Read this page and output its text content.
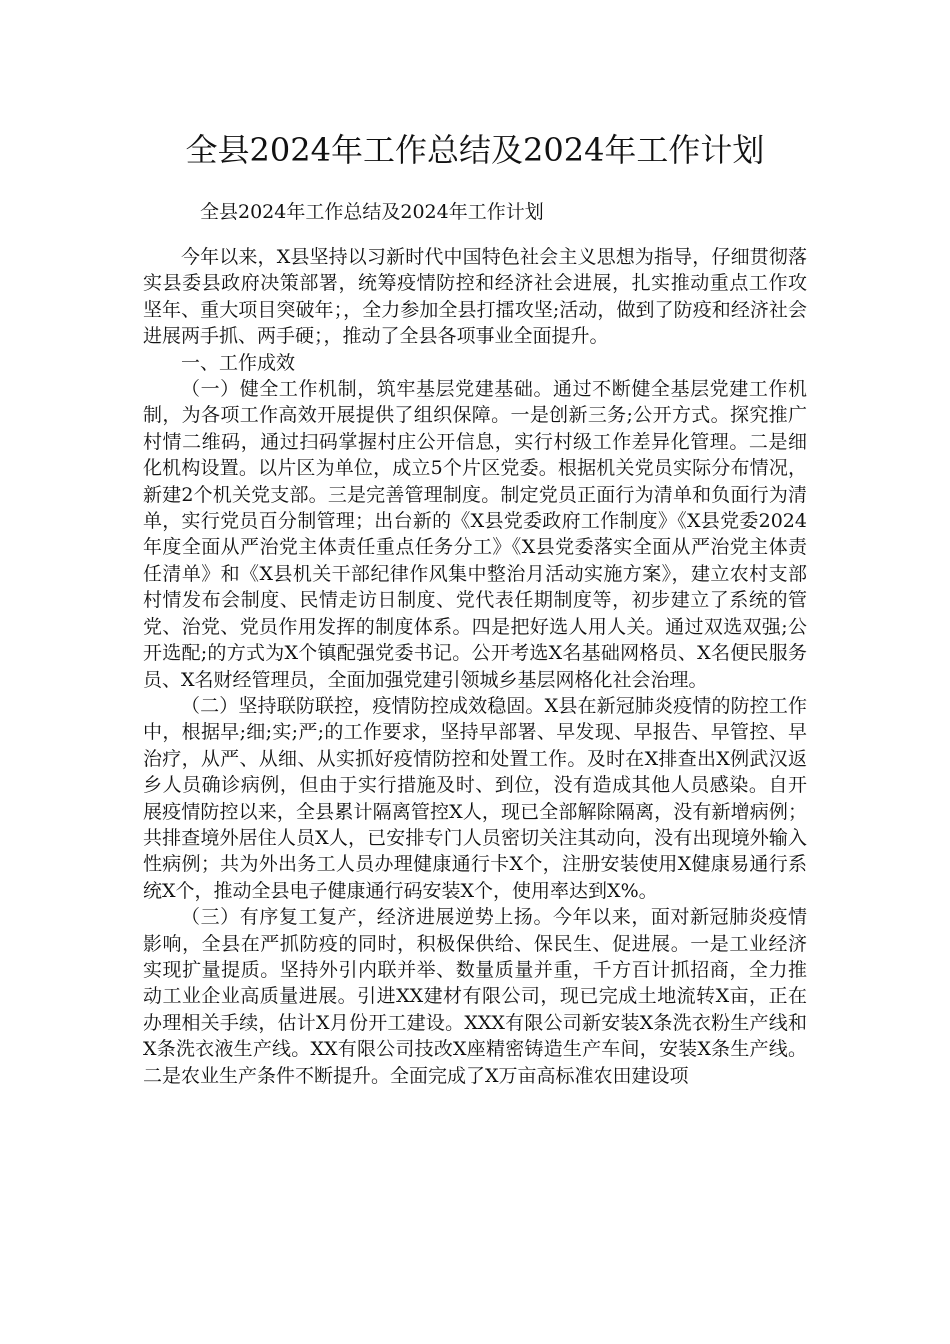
全县2024年工作总结及2024年工作计划

全县2024年工作总结及2024年工作计划

今年以来，X县坚持以习新时代中国特色社会主义思想为指导，仔细贯彻落实县委县政府决策部署，统筹疫情防控和经济社会进展，扎实推动重点工作攻坚年、重大项目突破年；，全力参加全县打擂攻坚;活动，做到了防疫和经济社会进展两手抓、两手硬；，推动了全县各项事业全面提升。

一、工作成效

（一）健全工作机制，筑牢基层党建基础。通过不断健全基层党建工作机制，为各项工作高效开展提供了组织保障。一是创新三务;公开方式。探究推广村情二维码，通过扫码掌握村庄公开信息，实行村级工作差异化管理。二是细化机构设置。以片区为单位，成立5个片区党委。根据机关党员实际分布情况，新建2个机关党支部。三是完善管理制度。制定党员正面行为清单和负面行为清单，实行党员百分制管理；出台新的《X县党委政府工作制度》《X县党委2024年度全面从严治党主体责任重点任务分工》《X县党委落实全面从严治党主体责任清单》和《X县机关干部纪律作风集中整治月活动实施方案》，建立农村支部村情发布会制度、民情走访日制度、党代表任期制度等，初步建立了系统的管党、治党、党员作用发挥的制度体系。四是把好选人用人关。通过双选双强;公开选配;的方式为X个镇配强党委书记。公开考选X名基础网格员、X名便民服务员、X名财经管理员，全面加强党建引领城乡基层网格化社会治理。

（二）坚持联防联控，疫情防控成效稳固。X县在新冠肺炎疫情的防控工作中，根据早;细;实;严;的工作要求，坚持早部署、早发现、早报告、早管控、早治疗，从严、从细、从实抓好疫情防控和处置工作。及时在X排查出X例武汉返乡人员确诊病例，但由于实行措施及时、到位，没有造成其他人员感染。自开展疫情防控以来，全县累计隔离管控X人，现已全部解除隔离，没有新增病例；共排查境外居住人员X人，已安排专门人员密切关注其动向，没有出现境外输入性病例；共为外出务工人员办理健康通行卡X个，注册安装使用X健康易通行系统X个，推动全县电子健康通行码安装X个，使用率达到X%。

（三）有序复工复产，经济进展逆势上扬。今年以来，面对新冠肺炎疫情影响，全县在严抓防疫的同时，积极保供给、保民生、促进展。一是工业经济实现扩量提质。坚持外引内联并举、数量质量并重，千方百计抓招商，全力推动工业企业高质量进展。引进XX建材有限公司，现已完成土地流转X亩，正在办理相关手续，估计X月份开工建设。XXX有限公司新安装X条洗衣粉生产线和X条洗衣液生产线。XX有限公司技改X座精密铸造生产车间，安装X条生产线。二是农业生产条件不断提升。全面完成了X万亩高标准农田建设项
